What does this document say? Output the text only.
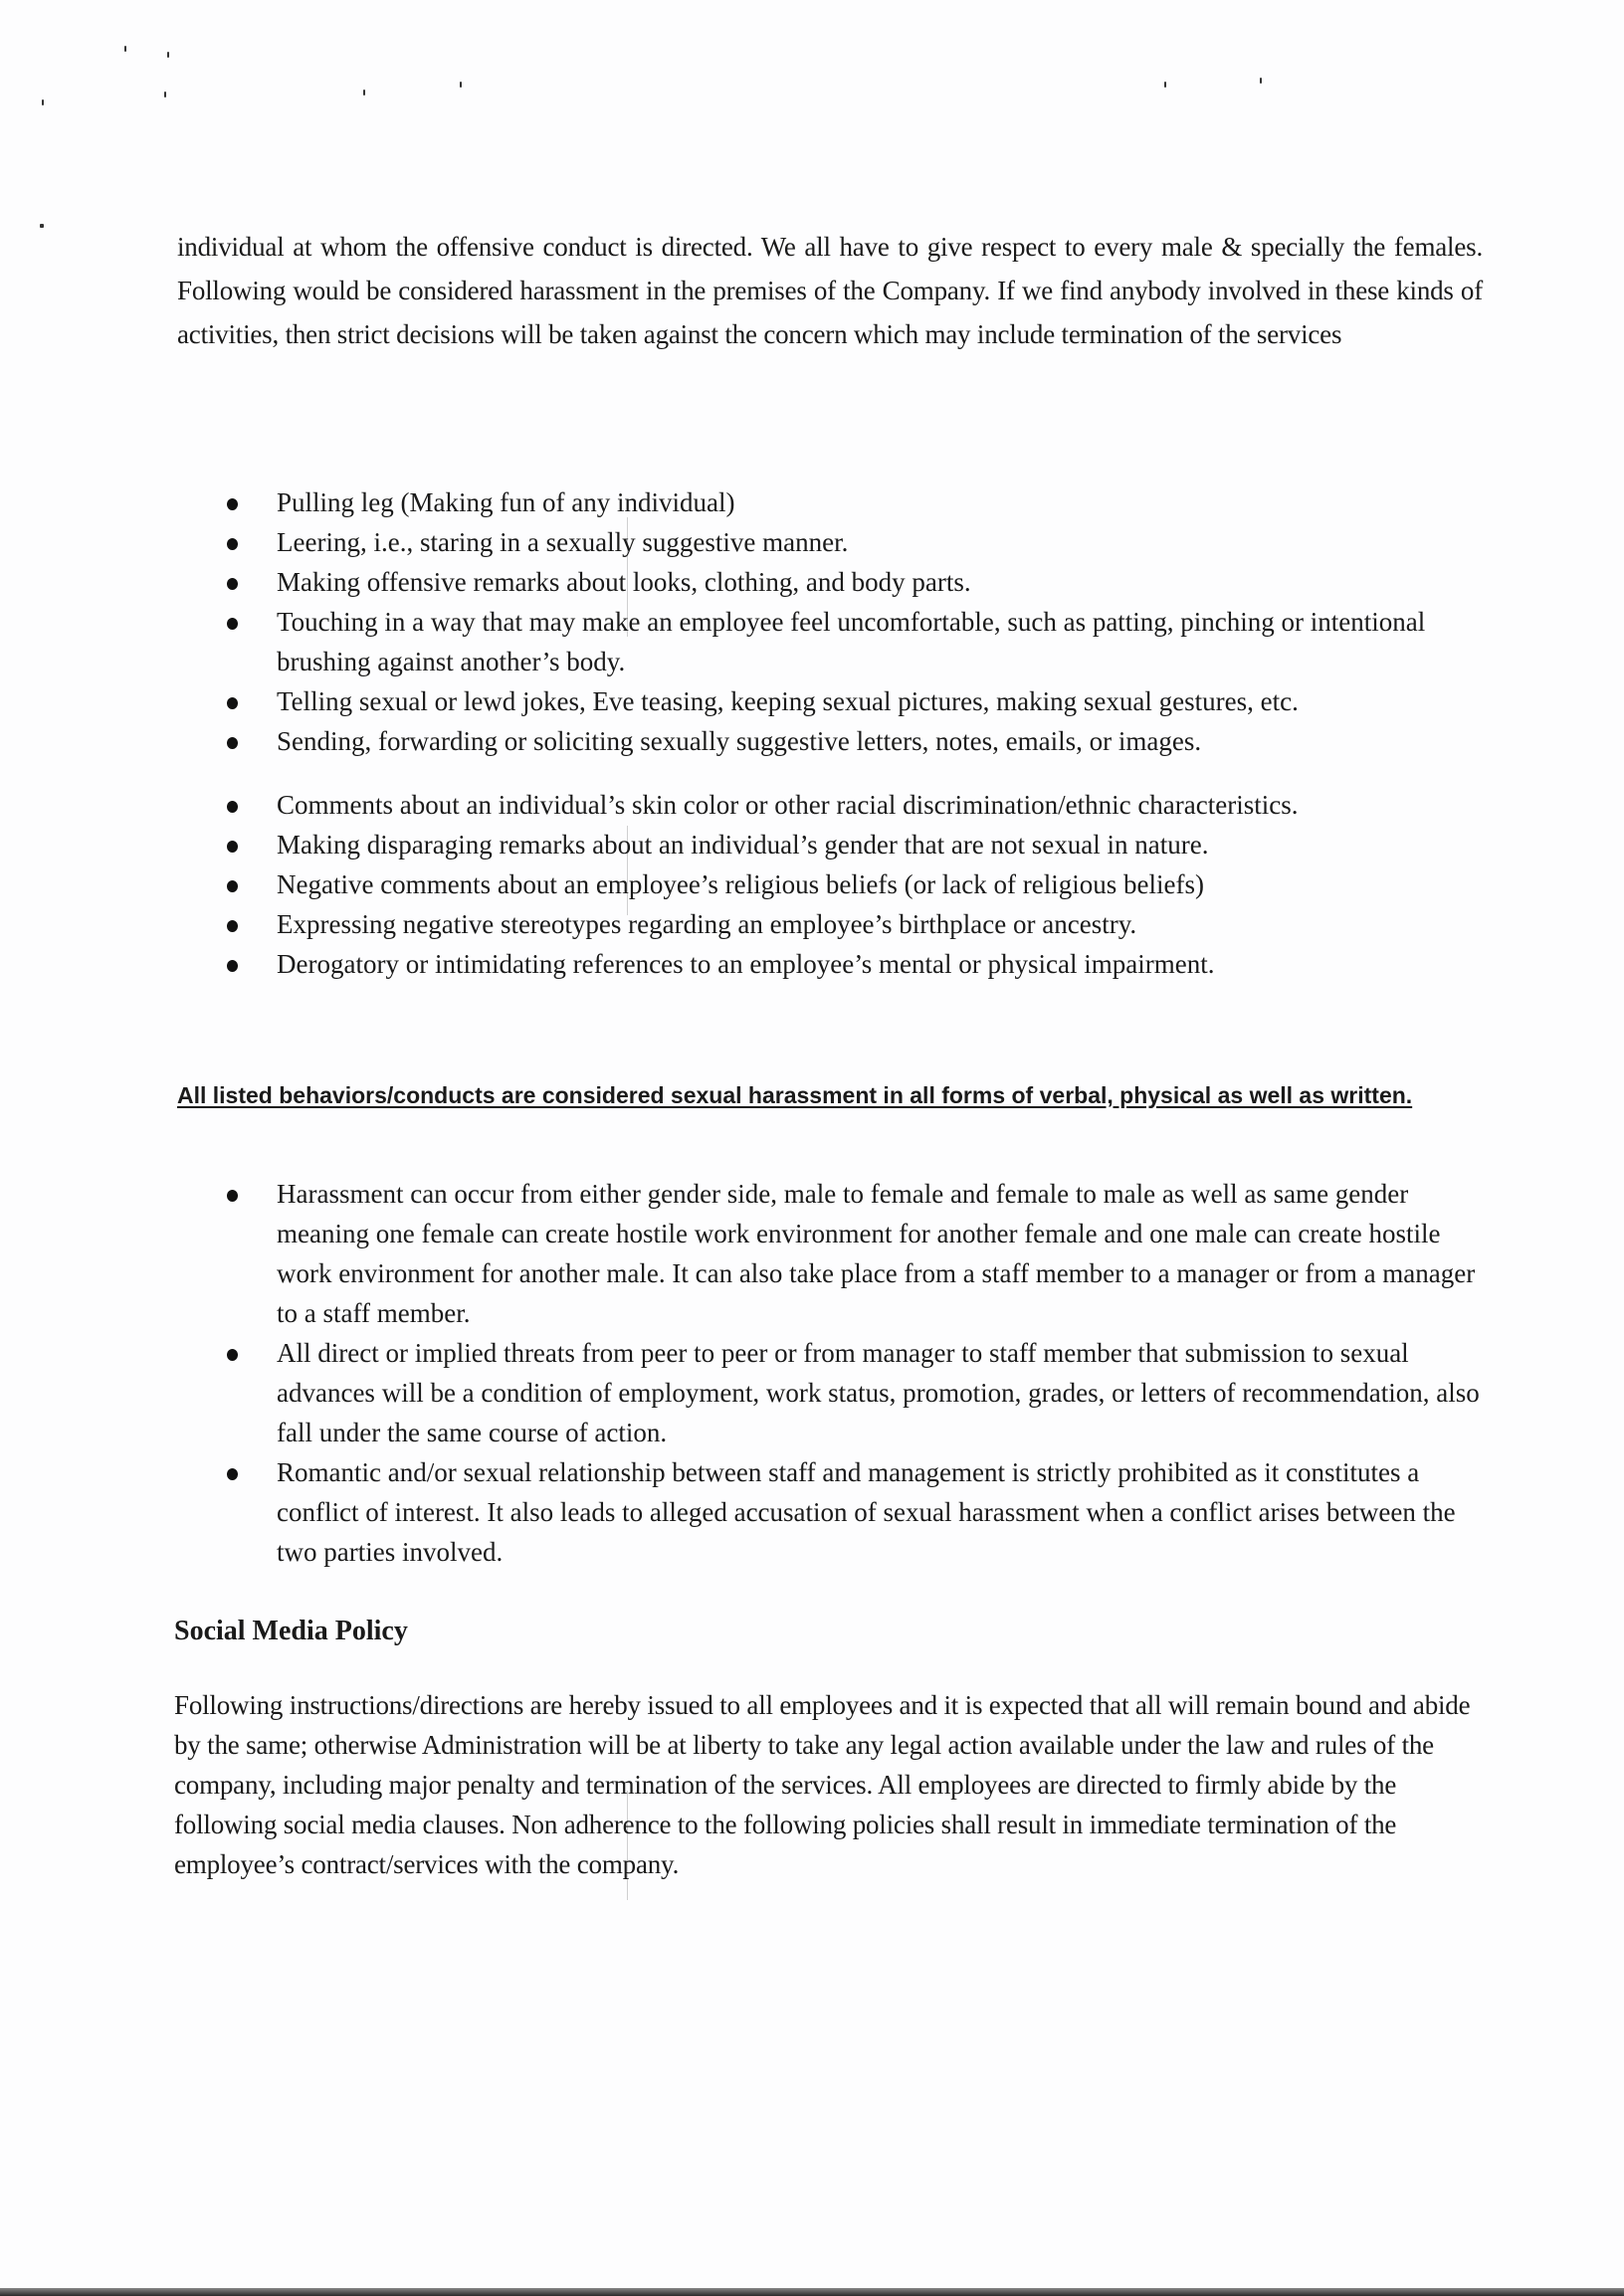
individual at whom the offensive conduct is directed. We all have to give respect to every male & specially the females. Following would be considered harassment in the premises of the Company. If we find anybody involved in these kinds of activities, then strict decisions will be taken against the concern which may include termination of the services

Pulling leg (Making fun of any individual)
Leering, i.e., staring in a sexually suggestive manner.
Making offensive remarks about looks, clothing, and body parts.
Touching in a way that may make an employee feel uncomfortable, such as patting, pinching or intentional brushing against another’s body.
Telling sexual or lewd jokes, Eve teasing, keeping sexual pictures, making sexual gestures, etc.
Sending, forwarding or soliciting sexually suggestive letters, notes, emails, or images.
Comments about an individual’s skin color or other racial discrimination/ethnic characteristics.
Making disparaging remarks about an individual’s gender that are not sexual in nature.
Negative comments about an employee’s religious beliefs (or lack of religious beliefs)
Expressing negative stereotypes regarding an employee’s birthplace or ancestry.
Derogatory or intimidating references to an employee’s mental or physical impairment.

All listed behaviors/conducts are considered sexual harassment in all forms of verbal, physical as well as written.

Harassment can occur from either gender side, male to female and female to male as well as same gender meaning one female can create hostile work environment for another female and one male can create hostile work environment for another male. It can also take place from a staff member to a manager or from a manager to a staff member.
All direct or implied threats from peer to peer or from manager to staff member that submission to sexual advances will be a condition of employment, work status, promotion, grades, or letters of recommendation, also fall under the same course of action.
Romantic and/or sexual relationship between staff and management is strictly prohibited as it constitutes a conflict of interest. It also leads to alleged accusation of sexual harassment when a conflict arises between the two parties involved.
Social Media Policy

Following instructions/directions are hereby issued to all employees and it is expected that all will remain bound and abide by the same; otherwise Administration will be at liberty to take any legal action available under the law and rules of the company, including major penalty and termination of the services. All employees are directed to firmly abide by the following social media clauses. Non adherence to the following policies shall result in immediate termination of the employee’s contract/services with the company.
